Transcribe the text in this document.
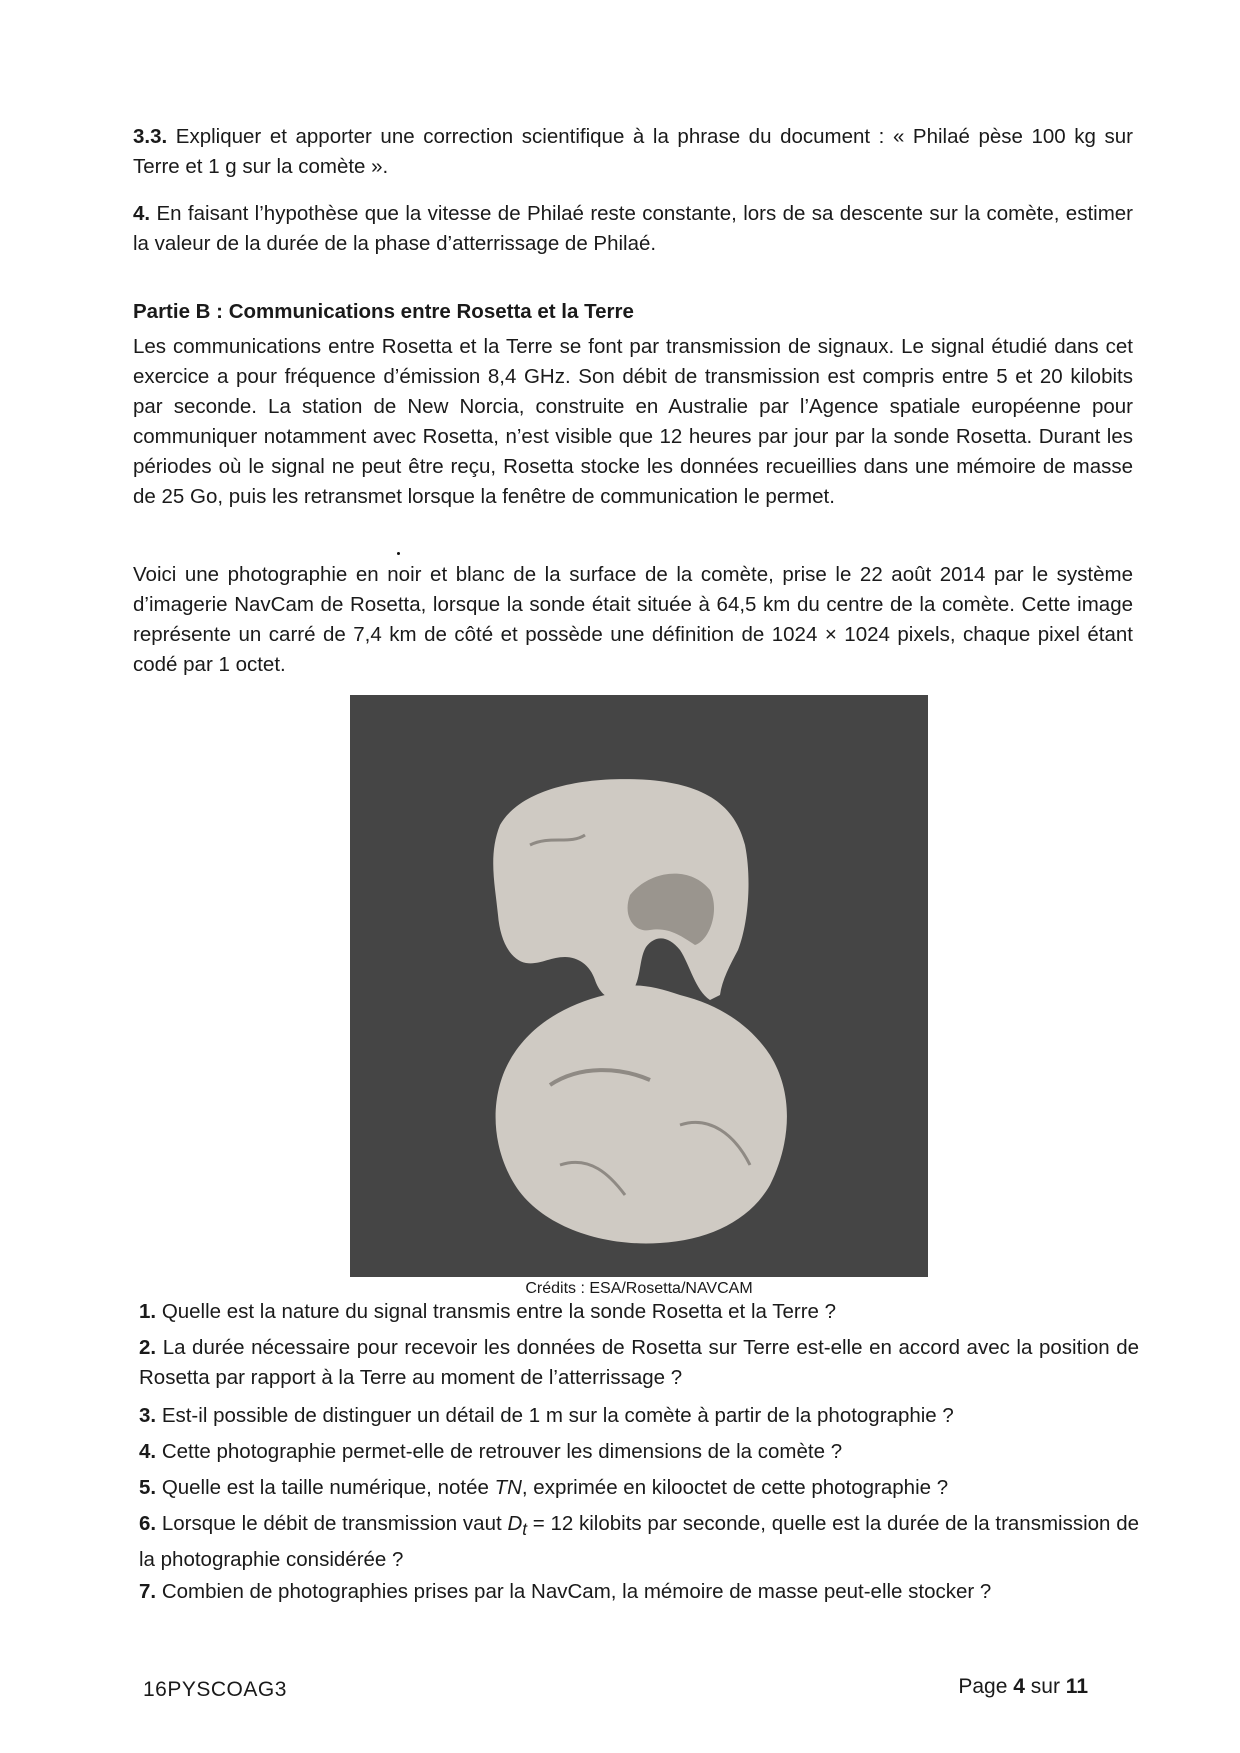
3.3. Expliquer et apporter une correction scientifique à la phrase du document : « Philaé pèse 100 kg sur Terre et 1 g sur la comète ».

4. En faisant l’hypothèse que la vitesse de Philaé reste constante, lors de sa descente sur la comète, estimer la valeur de la durée de la phase d’atterrissage de Philaé.

Partie B : Communications entre Rosetta et la Terre

Les communications entre Rosetta et la Terre se font par transmission de signaux. Le signal étudié dans cet exercice a pour fréquence d’émission 8,4 GHz. Son débit de transmission est compris entre 5 et 20 kilobits par seconde. La station de New Norcia, construite en Australie par l’Agence spatiale européenne pour communiquer notamment avec Rosetta, n’est visible que 12 heures par jour par la sonde Rosetta. Durant les périodes où le signal ne peut être reçu, Rosetta stocke les données recueillies dans une mémoire de masse de 25 Go, puis les retransmet lorsque la fenêtre de communication le permet.

Voici une photographie en noir et blanc de la surface de la comète, prise le 22 août 2014 par le système d’imagerie NavCam de Rosetta, lorsque la sonde était située à 64,5 km du centre de la comète. Cette image représente un carré de 7,4 km de côté et possède une définition de 1024 × 1024 pixels, chaque pixel étant codé par 1 octet.

Crédits : ESA/Rosetta/NAVCAM

1. Quelle est la nature du signal transmis entre la sonde Rosetta et la Terre ?

2. La durée nécessaire pour recevoir les données de Rosetta sur Terre est-elle en accord avec la position de Rosetta par rapport à la Terre au moment de l’atterrissage ?

3. Est-il possible de distinguer un détail de 1 m sur la comète à partir de la photographie ?

4. Cette photographie permet-elle de retrouver les dimensions de la comète ?

5. Quelle est la taille numérique, notée TN, exprimée en kilooctet de cette photographie ?

6. Lorsque le débit de transmission vaut $D_t = 12$ kilobits par seconde, quelle est la durée de la transmission de la photographie considérée ?

7. Combien de photographies prises par la NavCam, la mémoire de masse peut-elle stocker ?

16PYSCOAG3	Page 4 sur 11
